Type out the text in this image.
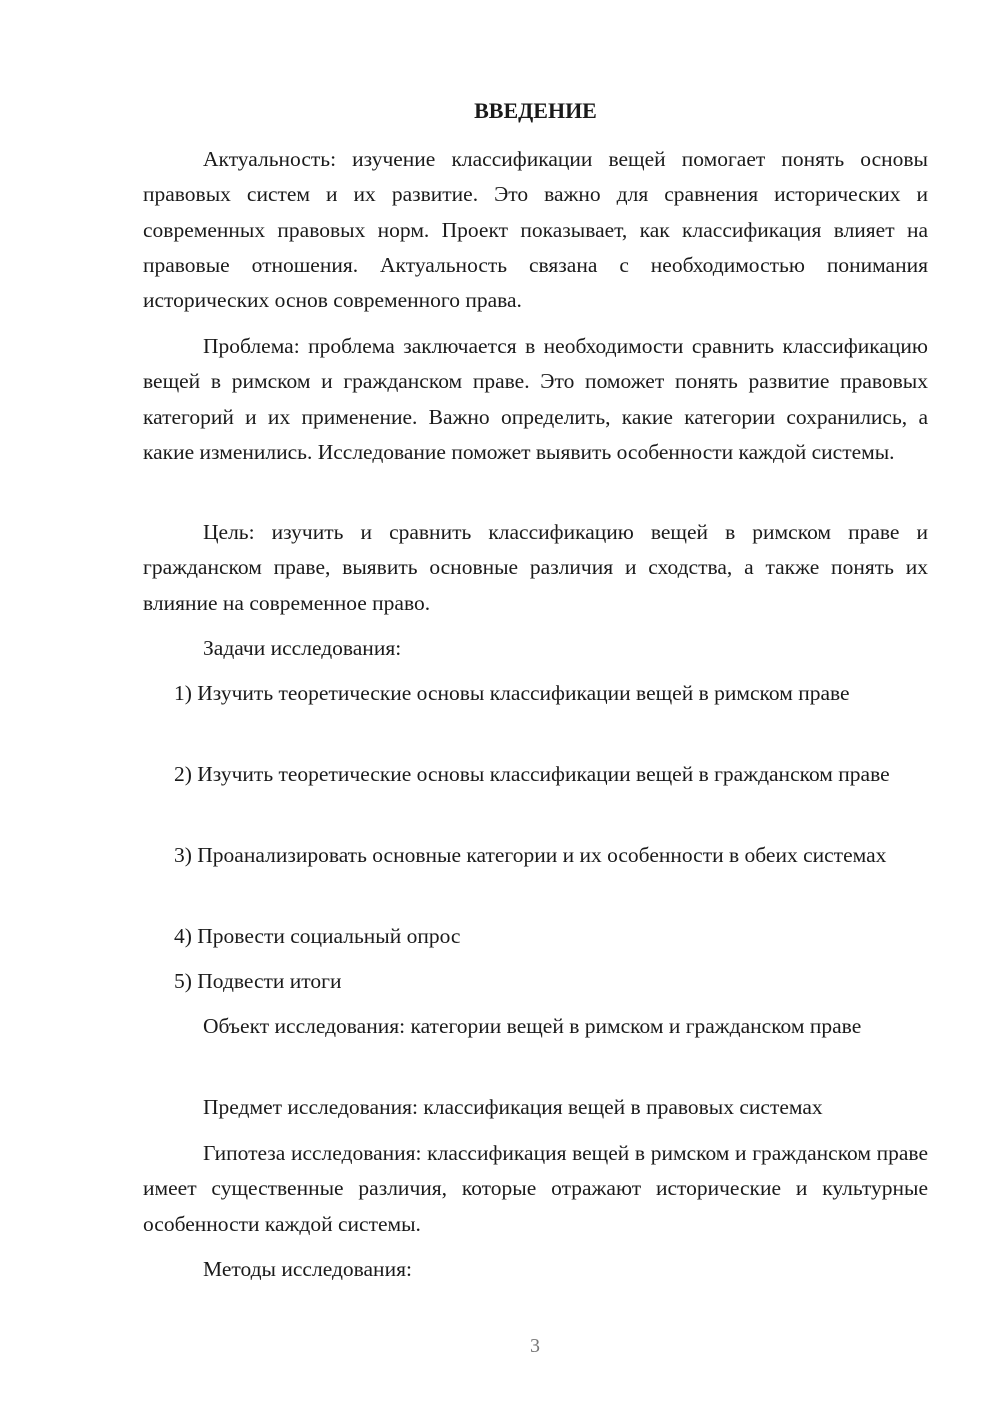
ВВЕДЕНИЕ

Актуальность: изучение классификации вещей помогает понять основы правовых систем и их развитие. Это важно для сравнения исторических и современных правовых норм. Проект показывает, как классификация влияет на правовые отношения. Актуальность связана с необходимостью понимания исторических основ современного права.

Проблема: проблема заключается в необходимости сравнить классификацию вещей в римском и гражданском праве. Это поможет понять развитие правовых категорий и их применение. Важно определить, какие категории сохранились, а какие изменились. Исследование поможет выявить особенности каждой системы.

Цель: изучить и сравнить классификацию вещей в римском праве и гражданском праве, выявить основные различия и сходства, а также понять их влияние на современное право.

Задачи исследования:

1) Изучить теоретические основы классификации вещей в римском праве

2) Изучить теоретические основы классификации вещей в гражданском праве

3) Проанализировать основные категории и их особенности в обеих системах

4) Провести социальный опрос

5) Подвести итоги

Объект исследования: категории вещей в римском и гражданском праве

Предмет исследования: классификация вещей в правовых системах

Гипотеза исследования: классификация вещей в римском и гражданском праве имеет существенные различия, которые отражают исторические и культурные особенности каждой системы.

Методы исследования:

3
